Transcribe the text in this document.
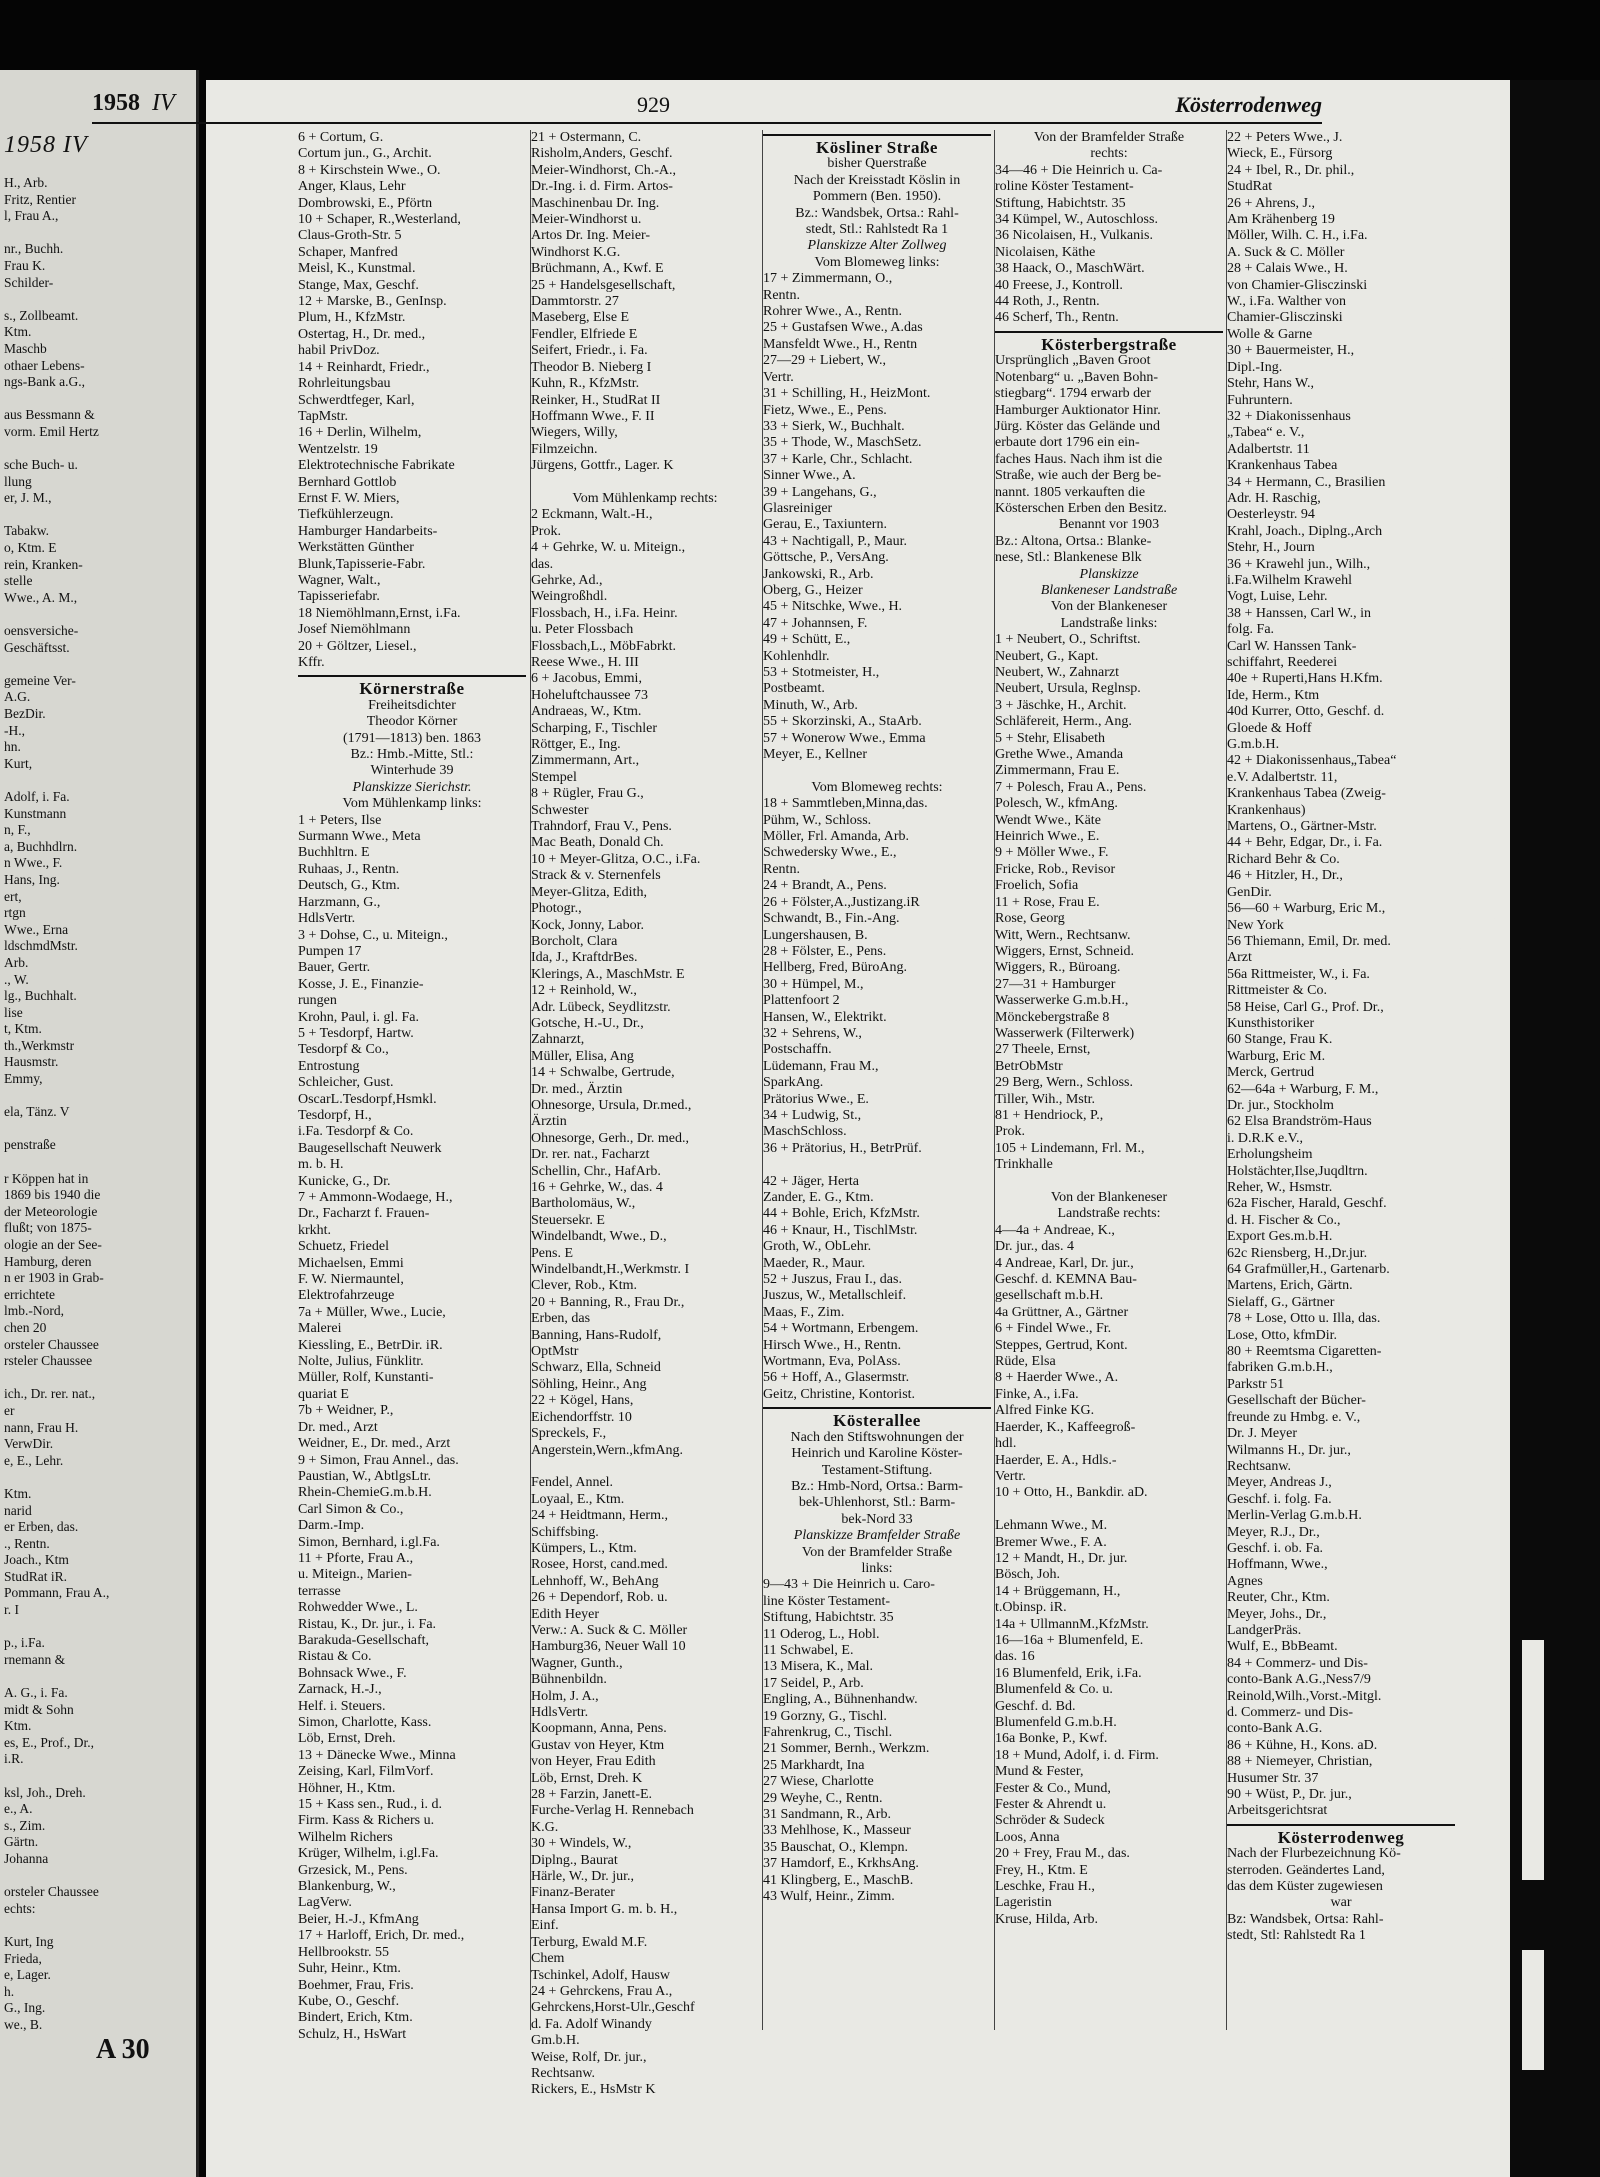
1958 IV
H., Arb.
Fritz, Rentier
l, Frau A.,

nr., Buchh.
Frau K.
Schilder-

s., Zollbeamt.
Ktm.
Maschb
othaer Lebens-
ngs-Bank a.G.,

aus Bessmann &
vorm. Emil Hertz

sche Buch- u.
llung
er, J. M.,

Tabakw.
o, Ktm. E
rein, Kranken-
stelle
Wwe., A. M.,

oensversiche-
Geschäftsst.

gemeine Ver-
A.G.
BezDir.
-H.,
hn.
Kurt,

Adolf, i. Fa.
Kunstmann
n, F.,
a, Buchhdlrn.
n Wwe., F.
Hans, Ing.
ert,
rtgn
Wwe., Erna
ldschmdMstr.
Arb.
., W.
lg., Buchhalt.
lise
t, Ktm.
th.,Werkmstr
Hausmstr.
Emmy,

ela, Tänz. V

penstraße

r Köppen hat in
1869 bis 1940 die
der Meteorologie
flußt; von 1875-
ologie an der See-
Hamburg, deren
n er 1903 in Grab-
errichtete
lmb.-Nord,
chen 20
orsteler Chaussee
rsteler Chaussee

ich., Dr. rer. nat.,
er
nann, Frau H.
VerwDir.
e, E., Lehr.

Ktm.
narid
er Erben, das.
., Rentn.
Joach., Ktm
StudRat iR.
Pommann, Frau A.,
r. I

p., i.Fa.
rnemann &

A. G., i. Fa.
midt & Sohn
Ktm.
es, E., Prof., Dr.,
i.R.

ksl, Joh., Dreh.
e., A.
s., Zim.
Gärtn.
Johanna

orsteler Chaussee
echts:

Kurt, Ing
Frieda,
e, Lager.
h.
G., Ing.
we., B.
GROSSHANDELSHAUS
1958 IV	929	Kösterrodenweg
6 + Cortum, G.
Cortum jun., G., Archit.
8 + Kirschstein Wwe., O.
Anger, Klaus, Lehr
Dombrowski, E., Pförtn
10 + Schaper, R.,Westerland,
Claus-Groth-Str. 5
Schaper, Manfred
Meisl, K., Kunstmal.
Stange, Max, Geschf.
12 + Marske, B., GenInsp.
Plum, H., KfzMstr.
Ostertag, H., Dr. med.,
habil PrivDoz.
14 + Reinhardt, Friedr.,
Rohrleitungsbau
Schwerdtfeger, Karl,
TapMstr.
16 + Derlin, Wilhelm,
Wentzelstr. 19
Elektrotechnische Fabrikate
Bernhard Gottlob
Ernst F. W. Miers,
Tiefkühlerzeugn.
Hamburger Handarbeits-
Werkstätten Günther
Blunk,Tapisserie-Fabr.
Wagner, Walt.,
Tapisseriefabr.
18 Niemöhlmann,Ernst, i.Fa.
Josef Niemöhlmann
20 + Göltzer, Liesel.,
Kffr.
Körnerstraße
Freiheitsdichter
Theodor Körner
(1791—1813) ben. 1863
Bz.: Hmb.-Mitte, Stl.:
Winterhude 39
Planskizze Sierichstr.
Vom Mühlenkamp links:
1 + Peters, Ilse
Surmann Wwe., Meta
Buchhltrn. E
Ruhaas, J., Rentn.
Deutsch, G., Ktm.
Harzmann, G.,
HdlsVertr.
3 + Dohse, C., u. Miteign.,
Pumpen 17
Bauer, Gertr.
Kosse, J. E., Finanzie-
rungen
Krohn, Paul, i. gl. Fa.
5 + Tesdorpf, Hartw.
Tesdorpf & Co.,
Entrostung
Schleicher, Gust.
OscarL.Tesdorpf,Hsmkl.
Tesdorpf, H.,
i.Fa. Tesdorpf & Co.
Baugesellschaft Neuwerk
m. b. H.
Kunicke, G., Dr.
7 + Ammonn-Wodaege, H.,
Dr., Facharzt f. Frauen-
krkht.
Schuetz, Friedel
Michaelsen, Emmi
F. W. Niermauntel,
Elektrofahrzeuge
7a + Müller, Wwe., Lucie,
Malerei
Kiessling, E., BetrDir. iR.
Nolte, Julius, Fünklitr.
Müller, Rolf, Kunstanti-
quariat E
7b + Weidner, P.,
Dr. med., Arzt
Weidner, E., Dr. med., Arzt
9 + Simon, Frau Annel., das.
Paustian, W., AbtlgsLtr.
Rhein-ChemieG.m.b.H.
Carl Simon & Co.,
Darm.-Imp.
Simon, Bernhard, i.gl.Fa.
11 + Pforte, Frau A.,
u. Miteign., Marien-
terrasse
Rohwedder Wwe., L.
Ristau, K., Dr. jur., i. Fa.
Barakuda-Gesellschaft,
Ristau & Co.
Bohnsack Wwe., F.
Zarnack, H.-J.,
Helf. i. Steuers.
Simon, Charlotte, Kass.
Löb, Ernst, Dreh.
13 + Dänecke Wwe., Minna
Zeising, Karl, FilmVorf.
Höhner, H., Ktm.
15 + Kass sen., Rud., i. d.
Firm. Kass & Richers u.
Wilhelm Richers
Krüger, Wilhelm, i.gl.Fa.
Grzesick, M., Pens.
Blankenburg, W.,
LagVerw.
Beier, H.-J., KfmAng
17 + Harloff, Erich, Dr. med.,
Hellbrookstr. 55
Suhr, Heinr., Ktm.
Boehmer, Frau, Fris.
Kube, O., Geschf.
Bindert, Erich, Ktm.
Schulz, H., HsWart
21 + Ostermann, C.
Risholm,Anders, Geschf.
Meier-Windhorst, Ch.-A.,
Dr.-Ing. i. d. Firm. Artos-
Maschinenbau Dr. Ing.
Meier-Windhorst u.
Artos Dr. Ing. Meier-
Windhorst K.G.
Brüchmann, A., Kwf. E
25 + Handelsgesellschaft,
Dammtorstr. 27
Maseberg, Else E
Fendler, Elfriede E
Seifert, Friedr., i. Fa.
Theodor B. Nieberg I
Kuhn, R., KfzMstr.
Reinker, H., StudRat II
Hoffmann Wwe., F. II
Wiegers, Willy,
Filmzeichn.
Jürgens, Gottfr., Lager. K

Vom Mühlenkamp rechts:
2 Eckmann, Walt.-H.,
Prok.
4 + Gehrke, W. u. Miteign.,
das.
Gehrke, Ad.,
Weingroßhdl.
Flossbach, H., i.Fa. Heinr.
u. Peter Flossbach
Flossbach,L., MöbFabrkt.
Reese Wwe., H. III
6 + Jacobus, Emmi,
Hoheluftchaussee 73
Andraeas, W., Ktm.
Scharping, F., Tischler
Röttger, E., Ing.
Zimmermann, Art.,
Stempel
8 + Rügler, Frau G.,
Schwester
Trahndorf, Frau V., Pens.
Mac Beath, Donald Ch.
10 + Meyer-Glitza, O.C., i.Fa.
Strack & v. Sternenfels
Meyer-Glitza, Edith,
Photogr.,
Kock, Jonny, Labor.
Borcholt, Clara
Ida, J., KraftdrBes.
Klerings, A., MaschMstr. E
12 + Reinhold, W.,
Adr. Lübeck, Seydlitzstr.
Gotsche, H.-U., Dr.,
Zahnarzt,
Müller, Elisa, Ang
14 + Schwalbe, Gertrude,
Dr. med., Ärztin
Ohnesorge, Ursula, Dr.med.,
Ärztin
Ohnesorge, Gerh., Dr. med.,
Dr. rer. nat., Facharzt
Schellin, Chr., HafArb.
16 + Gehrke, W., das. 4
Bartholomäus, W.,
Steuersekr. E
Windelbandt, Wwe., D.,
Pens. E
Windelbandt,H.,Werkmstr. I
Clever, Rob., Ktm.
20 + Banning, R., Frau Dr.,
Erben, das
Banning, Hans-Rudolf,
OptMstr
Schwarz, Ella, Schneid
Söhling, Heinr., Ang
22 + Kögel, Hans,
Eichendorffstr. 10
Spreckels, F.,
Angerstein,Wern.,kfmAng.

Fendel, Annel.
Loyaal, E., Ktm.
24 + Heidtmann, Herm.,
Schiffsbing.
Kümpers, L., Ktm.
Rosee, Horst, cand.med.
Lehnhoff, W., BehAng
26 + Dependorf, Rob. u.
Edith Heyer
Verw.: A. Suck & C. Möller
Hamburg36, Neuer Wall 10
Wagner, Gunth.,
Bühnenbildn.
Holm, J. A.,
HdlsVertr.
Koopmann, Anna, Pens.
Gustav von Heyer, Ktm
von Heyer, Frau Edith
Löb, Ernst, Dreh. K
28 + Farzin, Janett-E.
Furche-Verlag H. Rennebach
K.G.
30 + Windels, W.,
Diplng., Baurat
Härle, W., Dr. jur.,
Finanz-Berater
Hansa Import G. m. b. H.,
Einf.
Terburg, Ewald M.F.
Chem
Tschinkel, Adolf, Hausw
24 + Gehrckens, Frau A.,
Gehrckens,Horst-Ulr.,Geschf
d. Fa. Adolf Winandy
Gm.b.H.
Weise, Rolf, Dr. jur.,
Rechtsanw.
Rickers, E., HsMstr K
Kösliner Straße
bisher Querstraße
Nach der Kreisstadt Köslin in
Pommern (Ben. 1950).
Bz.: Wandsbek, Ortsa.: Rahl-
stedt, Stl.: Rahlstedt Ra 1
Planskizze Alter Zollweg
Vom Blomeweg links:
17 + Zimmermann, O.,
Rentn.
Rohrer Wwe., A., Rentn.
25 + Gustafsen Wwe., A.das
Mansfeldt Wwe., H., Rentn
27—29 + Liebert, W.,
Vertr.
31 + Schilling, H., HeizMont.
Fietz, Wwe., E., Pens.
33 + Sierk, W., Buchhalt.
35 + Thode, W., MaschSetz.
37 + Karle, Chr., Schlacht.
Sinner Wwe., A.
39 + Langehans, G.,
Glasreiniger
Gerau, E., Taxiuntern.
43 + Nachtigall, P., Maur.
Göttsche, P., VersAng.
Jankowski, R., Arb.
Oberg, G., Heizer
45 + Nitschke, Wwe., H.
47 + Johannsen, F.
49 + Schütt, E.,
Kohlenhdlr.
53 + Stotmeister, H.,
Postbeamt.
Minuth, W., Arb.
55 + Skorzinski, A., StaArb.
57 + Wonerow Wwe., Emma
Meyer, E., Kellner

Vom Blomeweg rechts:
18 + Sammtleben,Minna,das.
Pühm, W., Schloss.
Möller, Frl. Amanda, Arb.
Schwedersky Wwe., E.,
Rentn.
24 + Brandt, A., Pens.
26 + Fölster,A.,Justizang.iR
Schwandt, B., Fin.-Ang.
Lungershausen, B.
28 + Fölster, E., Pens.
Hellberg, Fred, BüroAng.
30 + Hümpel, M.,
Plattenfoort 2
Hansen, W., Elektrikt.
32 + Sehrens, W.,
Postschaffn.
Lüdemann, Frau M.,
SparkAng.
Prätorius Wwe., E.
34 + Ludwig, St.,
MaschSchloss.
36 + Prätorius, H., BetrPrüf.

42 + Jäger, Herta
Zander, E. G., Ktm.
44 + Bohle, Erich, KfzMstr.
46 + Knaur, H., TischlMstr.
Groth, W., ObLehr.
Maeder, R., Maur.
52 + Juszus, Frau I., das.
Juszus, W., Metallschleif.
Maas, F., Zim.
54 + Wortmann, Erbengem.
Hirsch Wwe., H., Rentn.
Wortmann, Eva, PolAss.
56 + Hoff, A., Glasermstr.
Geitz, Christine, Kontorist.
Kösterallee
Nach den Stiftswohnungen der
Heinrich und Karoline Köster-
Testament-Stiftung.
Bz.: Hmb-Nord, Ortsa.: Barm-
bek-Uhlenhorst, Stl.: Barm-
bek-Nord 33
Planskizze Bramfelder Straße
Von der Bramfelder Straße
links:
9—43 + Die Heinrich u. Caro-
line Köster Testament-
Stiftung, Habichtstr. 35
11 Oderog, L., Hobl.
11 Schwabel, E.
13 Misera, K., Mal.
17 Seidel, P., Arb.
Engling, A., Bühnenhandw.
19 Gorzny, G., Tischl.
Fahrenkrug, C., Tischl.
21 Sommer, Bernh., Werkzm.
25 Markhardt, Ina
27 Wiese, Charlotte
29 Weyhe, C., Rentn.
31 Sandmann, R., Arb.
33 Mehlhose, K., Masseur
35 Bauschat, O., Klempn.
37 Hamdorf, E., KrkhsAng.
41 Klingberg, E., MaschB.
43 Wulf, Heinr., Zimm.
Von der Bramfelder Straße
rechts:
34—46 + Die Heinrich u. Ca-
roline Köster Testament-
Stiftung, Habichtstr. 35
34 Kümpel, W., Autoschloss.
36 Nicolaisen, H., Vulkanis.
Nicolaisen, Käthe
38 Haack, O., MaschWärt.
40 Freese, J., Kontroll.
44 Roth, J., Rentn.
46 Scherf, Th., Rentn.
Kösterbergstraße
Ursprünglich „Baven Groot
Notenbarg“ u. „Baven Bohn-
stiegbarg“. 1794 erwarb der
Hamburger Auktionator Hinr.
Jürg. Köster das Gelände und
erbaute dort 1796 ein ein-
faches Haus. Nach ihm ist die
Straße, wie auch der Berg be-
nannt. 1805 verkauften die
Kösterschen Erben den Besitz.
Benannt vor 1903
Bz.: Altona, Ortsa.: Blanke-
nese, Stl.: Blankenese Blk
Planskizze
Blankeneser Landstraße
Von der Blankeneser
Landstraße links:
1 + Neubert, O., Schriftst.
Neubert, G., Kapt.
Neubert, W., Zahnarzt
Neubert, Ursula, Reglnsp.
3 + Jäschke, H., Archit.
Schläfereit, Herm., Ang.
5 + Stehr, Elisabeth
Grethe Wwe., Amanda
Zimmermann, Frau E.
7 + Polesch, Frau A., Pens.
Polesch, W., kfmAng.
Wendt Wwe., Käte
Heinrich Wwe., E.
9 + Möller Wwe., F.
Fricke, Rob., Revisor
Froelich, Sofia
11 + Rose, Frau E.
Rose, Georg
Witt, Wern., Rechtsanw.
Wiggers, Ernst, Schneid.
Wiggers, R., Büroang.
27—31 + Hamburger
Wasserwerke G.m.b.H.,
Mönckebergstraße 8
Wasserwerk (Filterwerk)
27 Theele, Ernst,
BetrObMstr
29 Berg, Wern., Schloss.
Tiller, Wih., Mstr.
81 + Hendriock, P.,
Prok.
105 + Lindemann, Frl. M.,
Trinkhalle

Von der Blankeneser
Landstraße rechts:
4—4a + Andreae, K.,
Dr. jur., das. 4
4 Andreae, Karl, Dr. jur.,
Geschf. d. KEMNA Bau-
gesellschaft m.b.H.
4a Grüttner, A., Gärtner
6 + Findel Wwe., Fr.
Steppes, Gertrud, Kont.
Rüde, Elsa
8 + Haerder Wwe., A.
Finke, A., i.Fa.
Alfred Finke KG.
Haerder, K., Kaffeegroß-
hdl.
Haerder, E. A., Hdls.-
Vertr.
10 + Otto, H., Bankdir. aD.

Lehmann Wwe., M.
Bremer Wwe., F. A.
12 + Mandt, H., Dr. jur.
Bösch, Joh.
14 + Brüggemann, H.,
t.Obinsp. iR.
14a + UllmannM.,KfzMstr.
16—16a + Blumenfeld, E.
das. 16
16 Blumenfeld, Erik, i.Fa.
Blumenfeld & Co. u.
Geschf. d. Bd.
Blumenfeld G.m.b.H.
16a Bonke, P., Kwf.
18 + Mund, Adolf, i. d. Firm.
Mund & Fester,
Fester & Co., Mund,
Fester & Ahrendt u.
Schröder & Sudeck
Loos, Anna
20 + Frey, Frau M., das.
Frey, H., Ktm. E
Leschke, Frau H.,
Lageristin
Kruse, Hilda, Arb.
22 + Peters Wwe., J.
Wieck, E., Fürsorg
24 + Ibel, R., Dr. phil.,
StudRat
26 + Ahrens, J.,
Am Krähenberg 19
Möller, Wilh. C. H., i.Fa.
A. Suck & C. Möller
28 + Calais Wwe., H.
von Chamier-Glisczinski
W., i.Fa. Walther von
Chamier-Glisczinski
Wolle & Garne
30 + Bauermeister, H.,
Dipl.-Ing.
Stehr, Hans W.,
Fuhruntern.
32 + Diakonissenhaus
„Tabea“ e. V.,
Adalbertstr. 11
Krankenhaus Tabea
34 + Hermann, C., Brasilien
Adr. H. Raschig,
Oesterleystr. 94
Krahl, Joach., Diplng.,Arch
Stehr, H., Journ
36 + Krawehl jun., Wilh.,
i.Fa.Wilhelm Krawehl
Vogt, Luise, Lehr.
38 + Hanssen, Carl W., in
folg. Fa.
Carl W. Hanssen Tank-
schiffahrt, Reederei
40e + Ruperti,Hans H.Kfm.
Ide, Herm., Ktm
40d Kurrer, Otto, Geschf. d.
Gloede & Hoff
G.m.b.H.
42 + Diakonissenhaus„Tabea“
e.V. Adalbertstr. 11,
Krankenhaus Tabea (Zweig-
Krankenhaus)
Martens, O., Gärtner-Mstr.
44 + Behr, Edgar, Dr., i. Fa.
Richard Behr & Co.
46 + Hitzler, H., Dr.,
GenDir.
56—60 + Warburg, Eric M.,
New York
56 Thiemann, Emil, Dr. med.
Arzt
56a Rittmeister, W., i. Fa.
Rittmeister & Co.
58 Heise, Carl G., Prof. Dr.,
Kunsthistoriker
60 Stange, Frau K.
Warburg, Eric M.
Merck, Gertrud
62—64a + Warburg, F. M.,
Dr. jur., Stockholm
62 Elsa Brandström-Haus
i. D.R.K e.V.,
Erholungsheim
Holstächter,Ilse,Juqdltrn.
Reher, W., Hsmstr.
62a Fischer, Harald, Geschf.
d. H. Fischer & Co.,
Export Ges.m.b.H.
62c Riensberg, H.,Dr.jur.
64 Grafmüller,H., Gartenarb.
Martens, Erich, Gärtn.
Sielaff, G., Gärtner
78 + Lose, Otto u. Illa, das.
Lose, Otto, kfmDir.
80 + Reemtsma Cigaretten-
fabriken G.m.b.H.,
Parkstr 51
Gesellschaft der Bücher-
freunde zu Hmbg. e. V.,
Dr. J. Meyer
Wilmanns H., Dr. jur.,
Rechtsanw.
Meyer, Andreas J.,
Geschf. i. folg. Fa.
Merlin-Verlag G.m.b.H.
Meyer, R.J., Dr.,
Geschf. i. ob. Fa.
Hoffmann, Wwe.,
Agnes
Reuter, Chr., Ktm.
Meyer, Johs., Dr.,
LandgerPräs.
Wulf, E., BbBeamt.
84 + Commerz- und Dis-
conto-Bank A.G.,Ness7/9
Reinold,Wilh.,Vorst.-Mitgl.
d. Commerz- und Dis-
conto-Bank A.G.
86 + Kühne, H., Kons. aD.
88 + Niemeyer, Christian,
Husumer Str. 37
90 + Wüst, P., Dr. jur.,
Arbeitsgerichtsrat
Kösterrodenweg
Nach der Flurbezeichnung Kö-
sterroden. Geändertes Land,
das dem Küster zugewiesen
war
Bz: Wandsbek, Ortsa: Rahl-
stedt, Stl: Rahlstedt Ra 1
A 30
